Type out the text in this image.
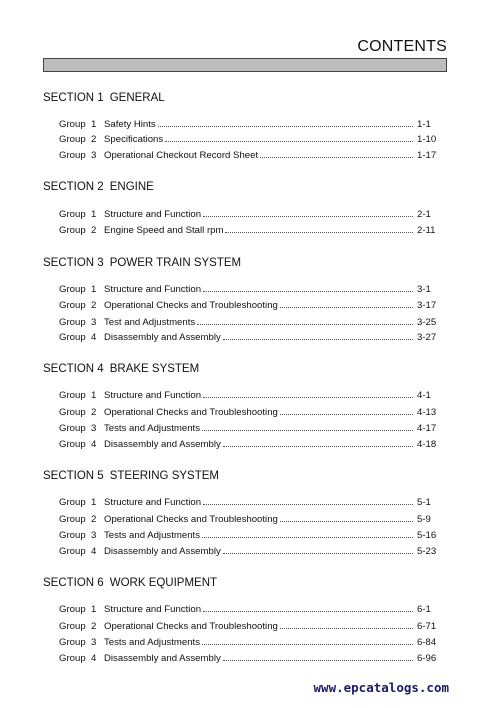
CONTENTS
SECTION 1 GENERAL
Group 1 Safety Hints	1-1
Group 2 Specifications	1-10
Group 3 Operational Checkout Record Sheet	1-17
SECTION 2 ENGINE
Group 1 Structure and Function	2-1
Group 2 Engine Speed and Stall rpm	2-11
SECTION 3 POWER TRAIN SYSTEM
Group 1 Structure and Function	3-1
Group 2 Operational Checks and Troubleshooting	3-17
Group 3 Test and Adjustments	3-25
Group 4 Disassembly and Assembly	3-27
SECTION 4 BRAKE SYSTEM
Group 1 Structure and Function	4-1
Group 2 Operational Checks and Troubleshooting	4-13
Group 3 Tests and Adjustments	4-17
Group 4 Disassembly and Assembly	4-18
SECTION 5 STEERING SYSTEM
Group 1 Structure and Function	5-1
Group 2 Operational Checks and Troubleshooting	5-9
Group 3 Tests and Adjustments	5-16
Group 4 Disassembly and Assembly	5-23
SECTION 6 WORK EQUIPMENT
Group 1 Structure and Function	6-1
Group 2 Operational Checks and Troubleshooting	6-71
Group 3 Tests and Adjustments	6-84
Group 4 Disassembly and Assembly	6-96
www.epcatalogs.com
